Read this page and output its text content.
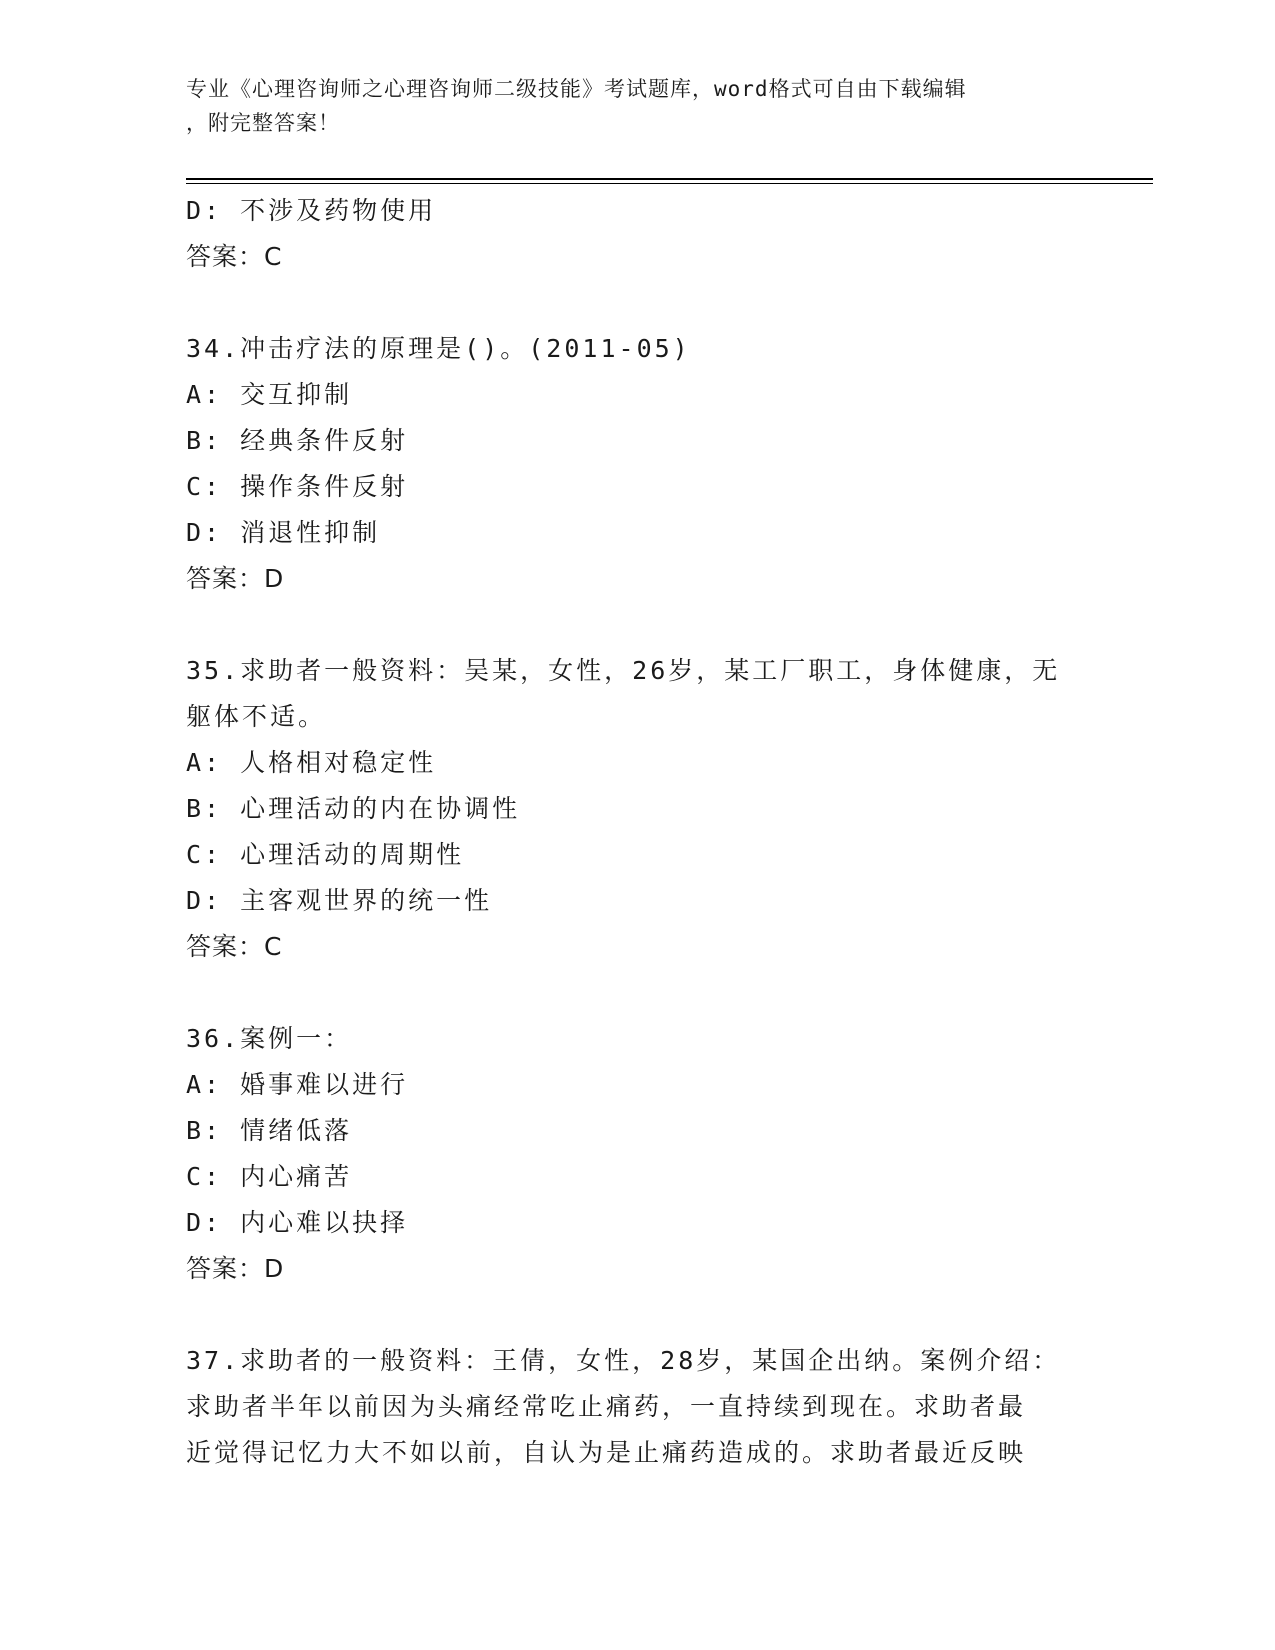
专业《心理咨询师之心理咨询师二级技能》考试题库，word格式可自由下载编辑
，附完整答案！
D: 不涉及药物使用
答案：C
34.冲击疗法的原理是()。(2011-05)
A: 交互抑制
B: 经典条件反射
C: 操作条件反射
D: 消退性抑制
答案：D
35.求助者一般资料：吴某，女性，26岁，某工厂职工，身体健康，无
躯体不适。
A: 人格相对稳定性
B: 心理活动的内在协调性
C: 心理活动的周期性
D: 主客观世界的统一性
答案：C
36.案例一：
A: 婚事难以进行
B: 情绪低落
C: 内心痛苦
D: 内心难以抉择
答案：D
37.求助者的一般资料：王倩，女性，28岁，某国企出纳。案例介绍：
求助者半年以前因为头痛经常吃止痛药，一直持续到现在。求助者最
近觉得记忆力大不如以前，自认为是止痛药造成的。求助者最近反映
